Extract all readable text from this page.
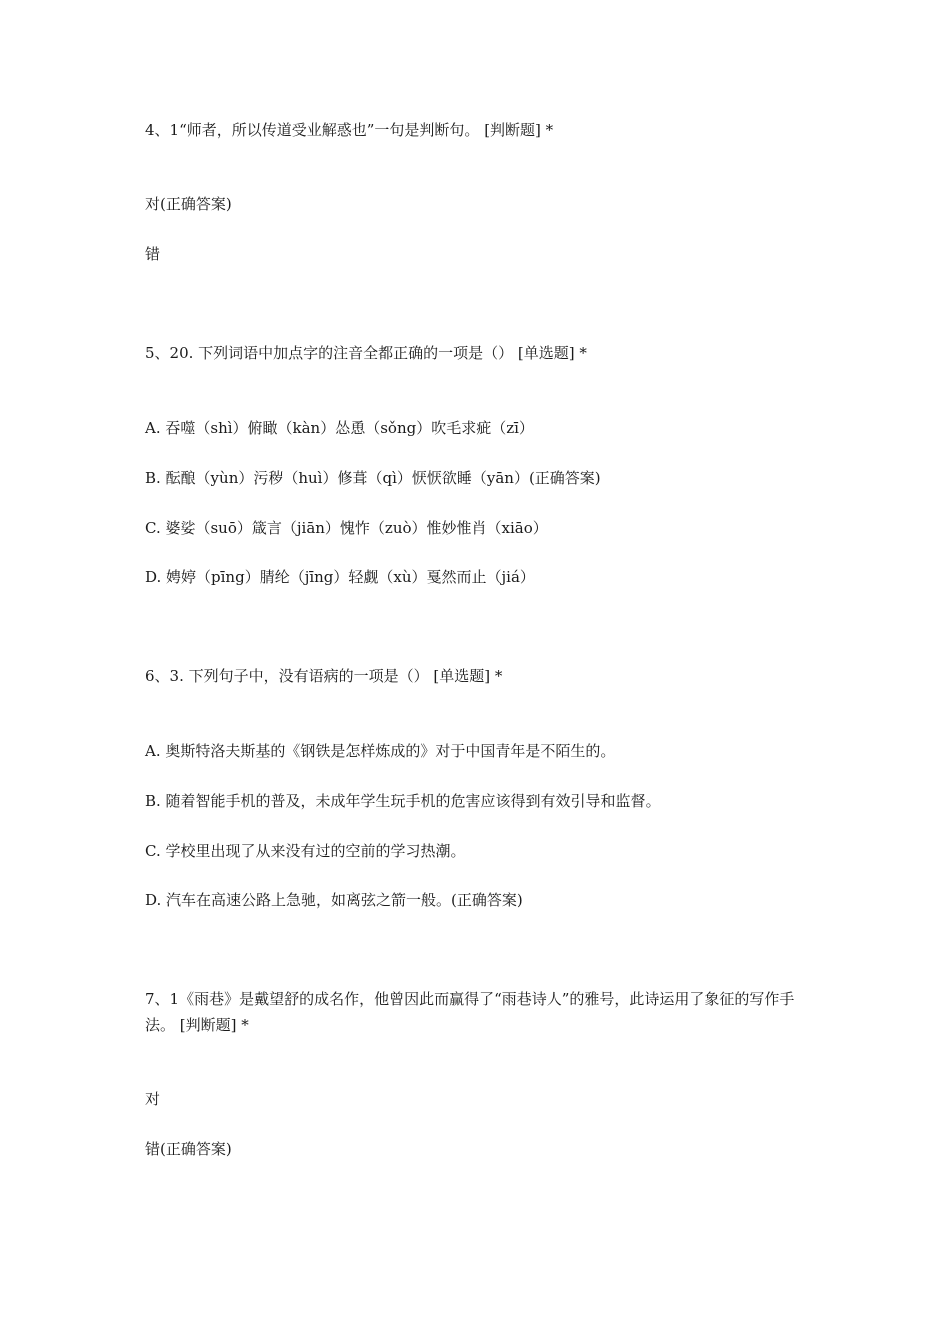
4、1“师者，所以传道受业解惑也”一句是判断句。 [判断题] *
对(正确答案)
错
5、20. 下列词语中加点字的注音全都正确的一项是（） [单选题] *
A. 吞噬（shì）俯瞰（kàn）怂恿（sǒng）吹毛求疵（zī）
B. 酝酿（yùn）污秽（huì）修葺（qì）恹恹欲睡（yān）(正确答案)
C. 婆娑（suō）箴言（jiān）愧怍（zuò）惟妙惟肖（xiāo）
D. 娉婷（pīng）腈纶（jīng）轻觑（xù）戛然而止（jiá）
6、3. 下列句子中，没有语病的一项是（） [单选题] *
A. 奥斯特洛夫斯基的《钢铁是怎样炼成的》对于中国青年是不陌生的。
B. 随着智能手机的普及，未成年学生玩手机的危害应该得到有效引导和监督。
C. 学校里出现了从来没有过的空前的学习热潮。
D. 汽车在高速公路上急驰，如离弦之箭一般。(正确答案)
7、1《雨巷》是戴望舒的成名作，他曾因此而赢得了“雨巷诗人”的雅号，此诗运用了象征的写作手法。 [判断题] *
对
错(正确答案)
